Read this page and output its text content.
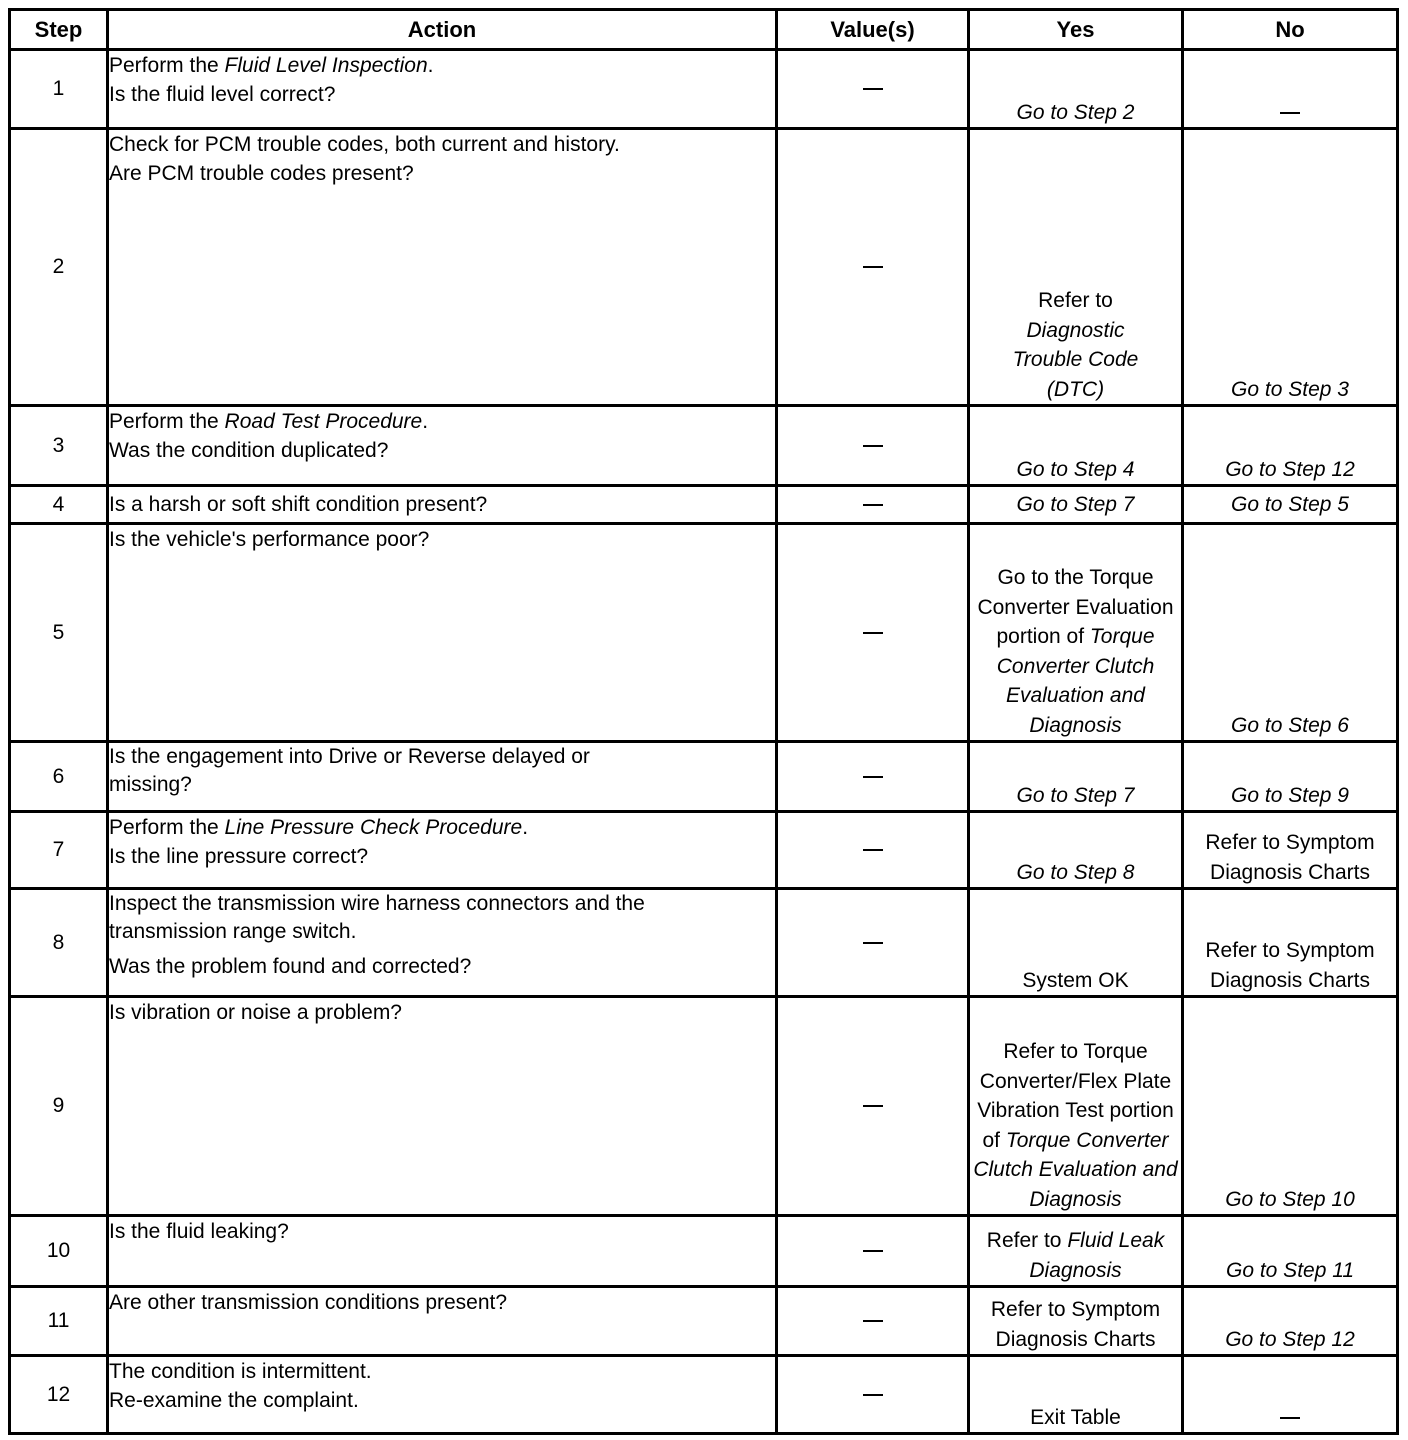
Step	Action	Value(s)	Yes	No
1	Perform the Fluid Level Inspection.
Is the fluid level correct?		Go to Step 2	
2	Check for PCM trouble codes, both current and history.
Are PCM trouble codes present?		Refer to
Diagnostic Trouble Code (DTC)	Go to Step 3
3	Perform the Road Test Procedure.
Was the condition duplicated?		Go to Step 4	Go to Step 12
4	Is a harsh or soft shift condition present?		Go to Step 7	Go to Step 5
5	Is the vehicle's performance poor?		Go to the Torque Converter Evaluation portion of Torque Converter Clutch Evaluation and Diagnosis	Go to Step 6
6	Is the engagement into Drive or Reverse delayed or
missing?		Go to Step 7	Go to Step 9
7	Perform the Line Pressure Check Procedure.
Is the line pressure correct?		Go to Step 8	Refer to Symptom Diagnosis Charts
8	Inspect the transmission wire harness connectors and the
transmission range switch.
Was the problem found and corrected?		System OK	Refer to Symptom Diagnosis Charts
9	Is vibration or noise a problem?		Refer to Torque Converter/Flex Plate Vibration Test portion of Torque Converter Clutch Evaluation and Diagnosis	Go to Step 10
10	Is the fluid leaking?		Refer to Fluid Leak Diagnosis	Go to Step 11
11	Are other transmission conditions present?		Refer to Symptom Diagnosis Charts	Go to Step 12
12	The condition is intermittent.
Re-examine the complaint.		Exit Table	
